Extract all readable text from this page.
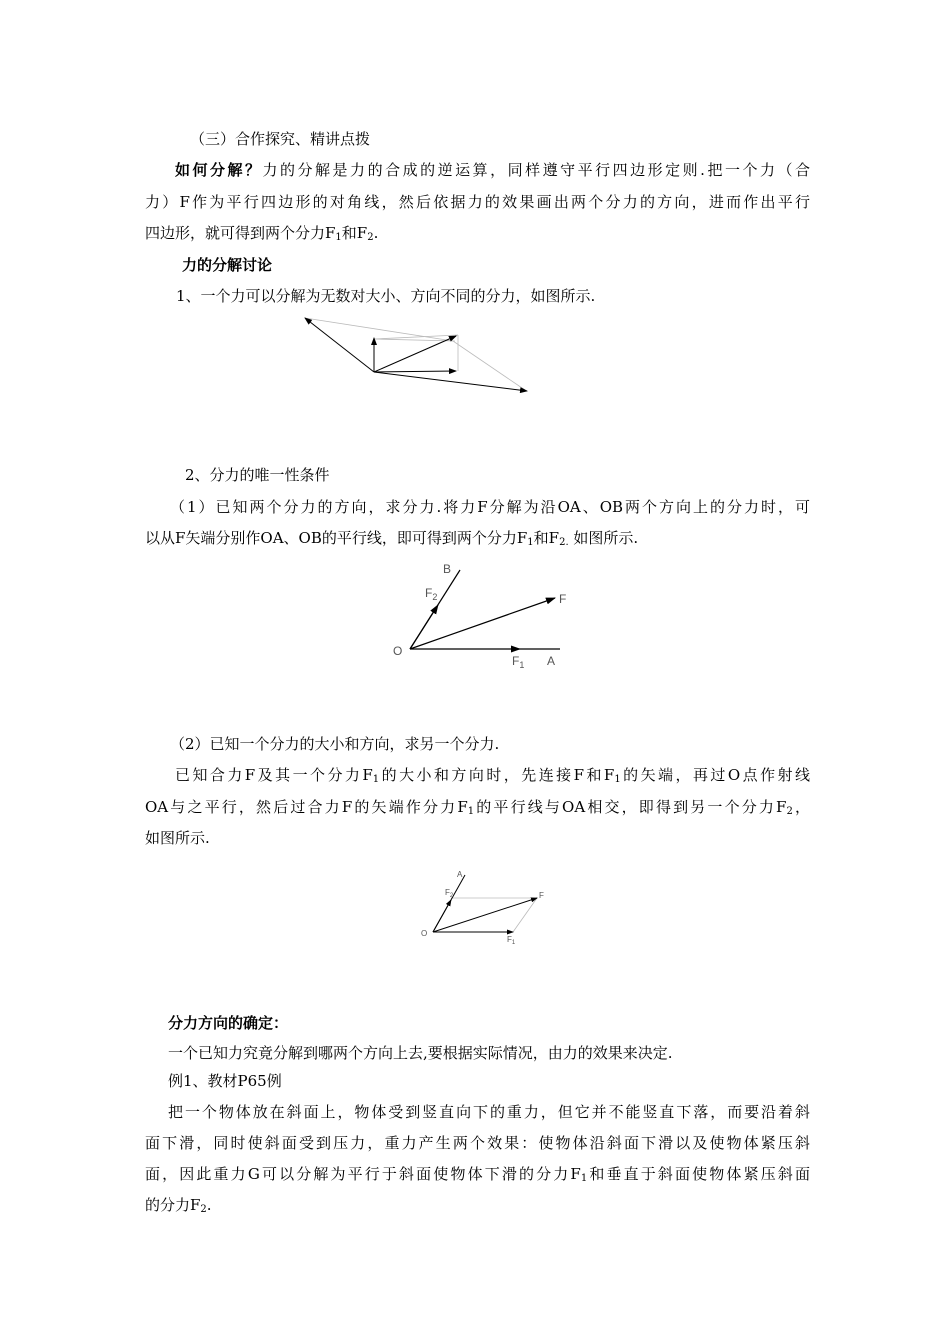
（三）合作探究、精讲点拨
如何分解？力的分解是力的合成的逆运算，同样遵守平行四边形定则.把一个力（合
力）F作为平行四边形的对角线，然后依据力的效果画出两个分力的方向，进而作出平行
四边形，就可得到两个分力$F_1$和$F_2$.
力的分解讨论
1、一个力可以分解为无数对大小、方向不同的分力，如图所示.
2、分力的唯一性条件
（1）已知两个分力的方向，求分力.将力F分解为沿OA、OB两个方向上的分力时，可
以从F矢端分别作OA、OB的平行线，即可得到两个分力$F_1$和$F_{2.}$ 如图所示.
B
$F_2$	F
O
$F_1$ A
（2）已知一个分力的大小和方向，求另一个分力.
已知合力F及其一个分力$F_1$的大小和方向时，先连接F和$F_1$的矢端，再过O点作射线
OA与之平行，然后过合力F的矢端作分力$F_1$的平行线与OA相交，即得到另一个分力$F_2$，
如图所示.
A
$F_2$	F
O
$F_1$
分力方向的确定：
一个已知力究竟分解到哪两个方向上去,要根据实际情况，由力的效果来决定.
例1、教材P65例
把一个物体放在斜面上，物体受到竖直向下的重力，但它并不能竖直下落，而要沿着斜
面下滑，同时使斜面受到压力，重力产生两个效果：使物体沿斜面下滑以及使物体紧压斜
面，因此重力G可以分解为平行于斜面使物体下滑的分力$F_1$和垂直于斜面使物体紧压斜面
的分力$F_2$.
